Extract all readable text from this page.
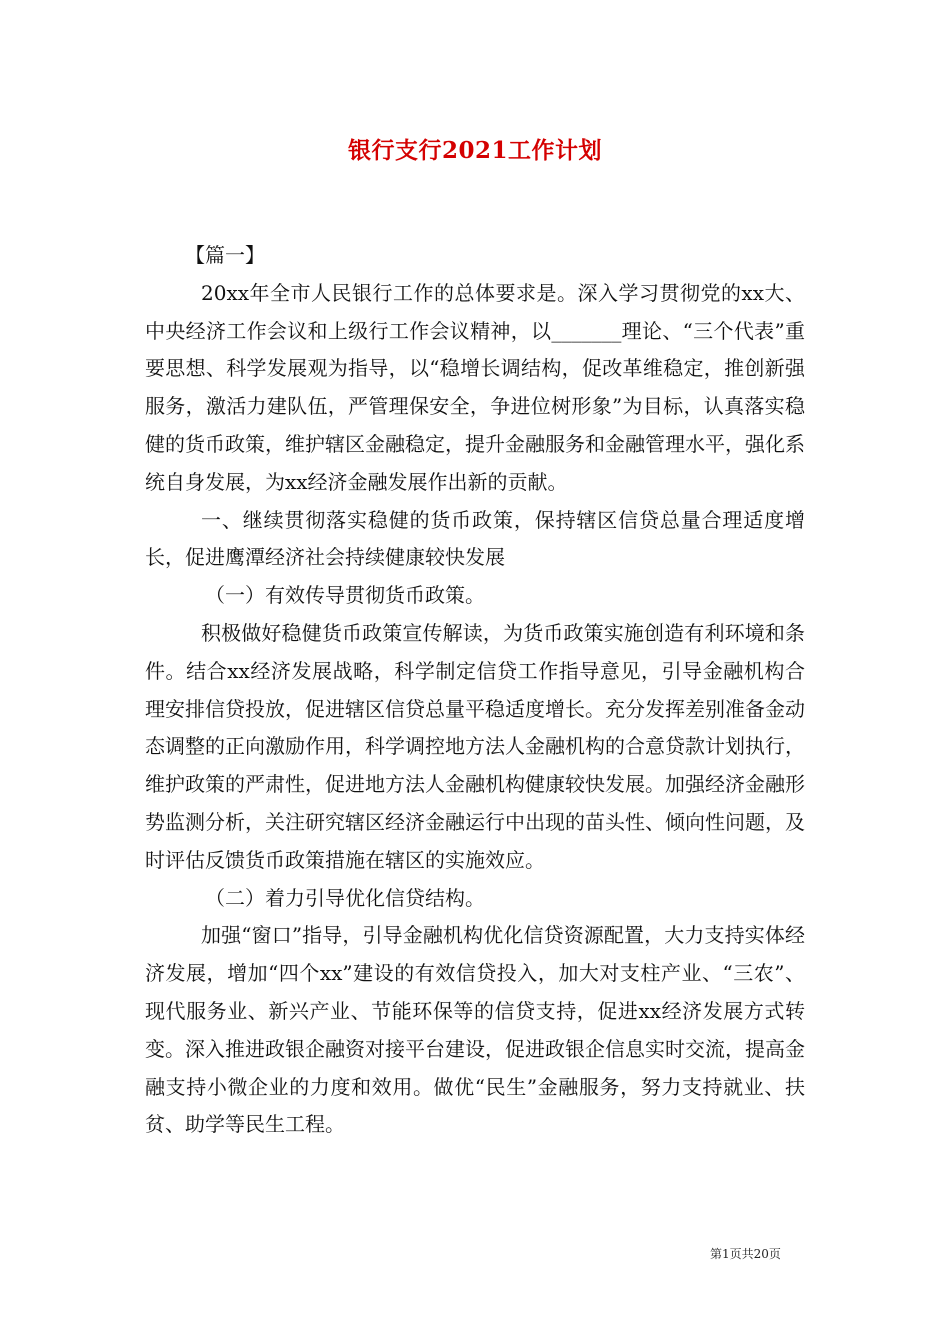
银行支行2021工作计划

【篇一】

20xx年全市人民银行工作的总体要求是。深入学习贯彻党的xx大、中央经济工作会议和上级行工作会议精神，以_______理论、“三个代表”重要思想、科学发展观为指导，以“稳增长调结构，促改革维稳定，推创新强服务，激活力建队伍，严管理保安全，争进位树形象”为目标，认真落实稳健的货币政策，维护辖区金融稳定，提升金融服务和金融管理水平，强化系统自身发展，为xx经济金融发展作出新的贡献。

一、继续贯彻落实稳健的货币政策，保持辖区信贷总量合理适度增长，促进鹰潭经济社会持续健康较快发展

（一）有效传导贯彻货币政策。

积极做好稳健货币政策宣传解读，为货币政策实施创造有利环境和条件。结合xx经济发展战略，科学制定信贷工作指导意见，引导金融机构合理安排信贷投放，促进辖区信贷总量平稳适度增长。充分发挥差别准备金动态调整的正向激励作用，科学调控地方法人金融机构的合意贷款计划执行，维护政策的严肃性，促进地方法人金融机构健康较快发展。加强经济金融形势监测分析，关注研究辖区经济金融运行中出现的苗头性、倾向性问题，及时评估反馈货币政策措施在辖区的实施效应。

（二）着力引导优化信贷结构。

加强“窗口”指导，引导金融机构优化信贷资源配置，大力支持实体经济发展，增加“四个xx”建设的有效信贷投入，加大对支柱产业、“三农”、现代服务业、新兴产业、节能环保等的信贷支持，促进xx经济发展方式转变。深入推进政银企融资对接平台建设，促进政银企信息实时交流，提高金融支持小微企业的力度和效用。做优“民生”金融服务，努力支持就业、扶贫、助学等民生工程。

第1页共20页
